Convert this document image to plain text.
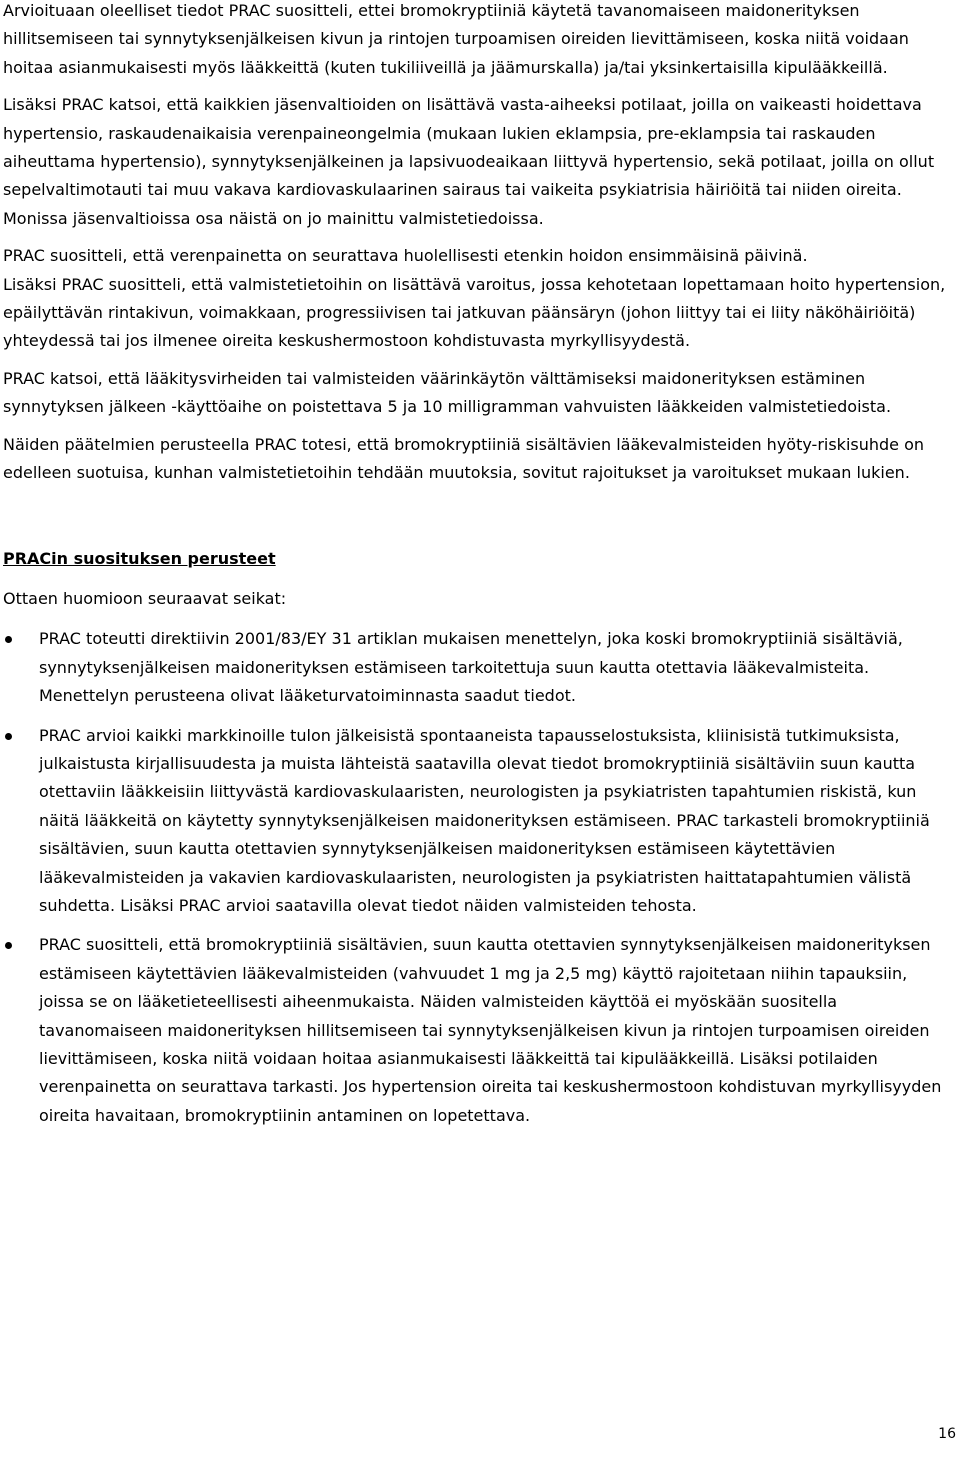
Arvioituaan oleelliset tiedot PRAC suositteli, ettei bromokryptiiniä käytetä tavanomaiseen maidonerityksen hillitsemiseen tai synnytyksenjälkeisen kivun ja rintojen turpoamisen oireiden lievittämiseen, koska niitä voidaan hoitaa asianmukaisesti myös lääkkeittä (kuten tukiliiveillä ja jäämurskalla) ja/tai yksinkertaisilla kipulääkkeillä.

Lisäksi PRAC katsoi, että kaikkien jäsenvaltioiden on lisättävä vasta-aiheeksi potilaat, joilla on vaikeasti hoidettava hypertensio, raskaudenaikaisia verenpaineongelmia (mukaan lukien eklampsia, pre-eklampsia tai raskauden aiheuttama hypertensio), synnytyksenjälkeinen ja lapsivuodeaikaan liittyvä hypertensio, sekä potilaat, joilla on ollut sepelvaltimotauti tai muu vakava kardiovaskulaarinen sairaus tai vaikeita psykiatrisia häiriöitä tai niiden oireita. Monissa jäsenvaltioissa osa näistä on jo mainittu valmistetiedoissa.

PRAC suositteli, että verenpainetta on seurattava huolellisesti etenkin hoidon ensimmäisinä päivinä.

Lisäksi PRAC suositteli, että valmistetietoihin on lisättävä varoitus, jossa kehotetaan lopettamaan hoito hypertension, epäilyttävän rintakivun, voimakkaan, progressiivisen tai jatkuvan päänsäryn (johon liittyy tai ei liity näköhäiriöitä) yhteydessä tai jos ilmenee oireita keskushermostoon kohdistuvasta myrkyllisyydestä.

PRAC katsoi, että lääkitysvirheiden tai valmisteiden väärinkäytön välttämiseksi maidonerityksen estäminen synnytyksen jälkeen -käyttöaihe on poistettava 5 ja 10 milligramman vahvuisten lääkkeiden valmistetiedoista.

Näiden päätelmien perusteella PRAC totesi, että bromokryptiiniä sisältävien lääkevalmisteiden hyöty-riskisuhde on edelleen suotuisa, kunhan valmistetietoihin tehdään muutoksia, sovitut rajoitukset ja varoitukset mukaan lukien.

PRACin suosituksen perusteet

Ottaen huomioon seuraavat seikat:

PRAC toteutti direktiivin 2001/83/EY 31 artiklan mukaisen menettelyn, joka koski bromokryptiiniä sisältäviä, synnytyksenjälkeisen maidonerityksen estämiseen tarkoitettuja suun kautta otettavia lääkevalmisteita. Menettelyn perusteena olivat lääketurvatoiminnasta saadut tiedot.
PRAC arvioi kaikki markkinoille tulon jälkeisistä spontaaneista tapausselostuksista, kliinisistä tutkimuksista, julkaistusta kirjallisuudesta ja muista lähteistä saatavilla olevat tiedot bromokryptiiniä sisältäviin suun kautta otettaviin lääkkeisiin liittyvästä kardiovaskulaaristen, neurologisten ja psykiatristen tapahtumien riskistä, kun näitä lääkkeitä on käytetty synnytyksenjälkeisen maidonerityksen estämiseen. PRAC tarkasteli bromokryptiiniä sisältävien, suun kautta otettavien synnytyksenjälkeisen maidonerityksen estämiseen käytettävien lääkevalmisteiden ja vakavien kardiovaskulaaristen, neurologisten ja psykiatristen haittatapahtumien välistä suhdetta. Lisäksi PRAC arvioi saatavilla olevat tiedot näiden valmisteiden tehosta.
PRAC suositteli, että bromokryptiiniä sisältävien, suun kautta otettavien synnytyksenjälkeisen maidonerityksen estämiseen käytettävien lääkevalmisteiden (vahvuudet 1 mg ja 2,5 mg) käyttö rajoitetaan niihin tapauksiin, joissa se on lääketieteellisesti aiheenmukaista. Näiden valmisteiden käyttöä ei myöskään suositella tavanomaiseen maidonerityksen hillitsemiseen tai synnytyksenjälkeisen kivun ja rintojen turpoamisen oireiden lievittämiseen, koska niitä voidaan hoitaa asianmukaisesti lääkkeittä tai kipulääkkeillä. Lisäksi potilaiden verenpainetta on seurattava tarkasti. Jos hypertension oireita tai keskushermostoon kohdistuvan myrkyllisyyden oireita havaitaan, bromokryptiinin antaminen on lopetettava.
16
